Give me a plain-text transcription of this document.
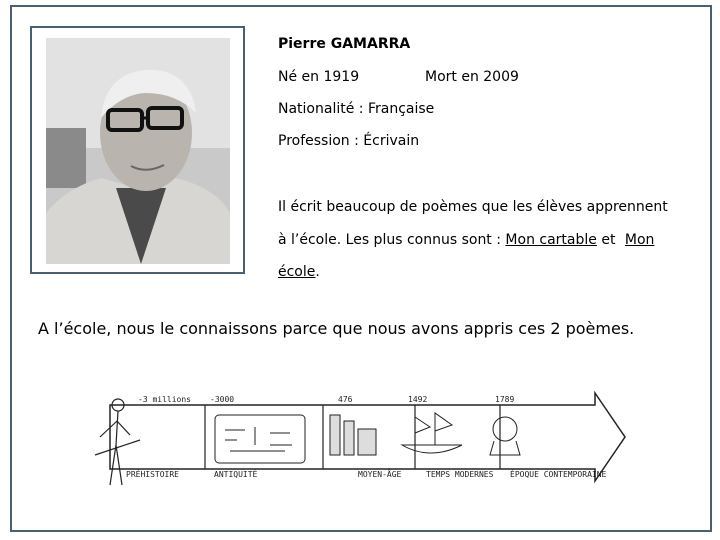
Pierre GAMARRA
Né en 1919	Mort en 2009
Nationalité : Française
Profession : Écrivain
Il écrit beaucoup de poèmes que les élèves apprennent
à l’école. Les plus connus sont : Mon cartable et Mon
école.
A l’école, nous le connaissons parce que nous avons appris ces 2 poèmes.
-3 millions -3000	476	1492	1789
PRÉHISTOIRE	ANTIQUITÉ	MOYEN-ÂGE	TEMPS MODERNES ÉPOQUE CONTEMPORAINE
